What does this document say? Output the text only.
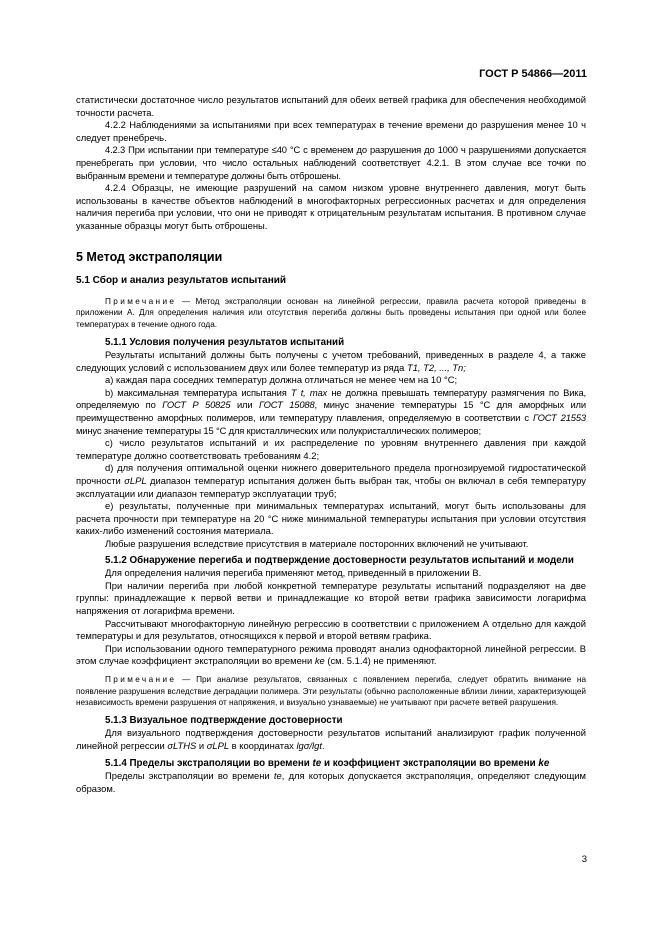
ГОСТ Р 54866—2011

статистически достаточное число результатов испытаний для обеих ветвей графика для обеспечения необходимой точности расчета.

4.2.2 Наблюдениями за испытаниями при всех температурах в течение времени до разрушения менее 10 ч следует пренебречь.

4.2.3 При испытании при температуре ≤40 °С с временем до разрушения до 1000 ч разрушениями допускается пренебрегать при условии, что число остальных наблюдений соответствует 4.2.1. В этом случае все точки по выбранным времени и температуре должны быть отброшены.

4.2.4 Образцы, не имеющие разрушений на самом низком уровне внутреннего давления, могут быть использованы в качестве объектов наблюдений в многофакторных регрессионных расчетах и для определения наличия перегиба при условии, что они не приводят к отрицательным результатам испытания. В противном случае указанные образцы могут быть отброшены.

5 Метод экстраполяции
5.1 Сбор и анализ результатов испытаний

Примечание — Метод экстраполяции основан на линейной регрессии, правила расчета которой приведены в приложении А. Для определения наличия или отсутствия перегиба должны быть проведены испытания при одной или более температурах в течение одного года.

5.1.1 Условия получения результатов испытаний

Результаты испытаний должны быть получены с учетом требований, приведенных в разделе 4, а также следующих условий с использованием двух или более температур из ряда T1, T2, ..., Tn;

а) каждая пара соседних температур должна отличаться не менее чем на 10 °С;

b) максимальная температура испытания T t, max не должна превышать температуру размягчения по Вика, определяемую по ГОСТ Р 50825 или ГОСТ 15088, минус значение температуры 15 °С для аморфных или преимущественно аморфных полимеров, или температуру плавления, определяемую в соответствии с ГОСТ 21553 минус значение температуры 15 °С для кристаллических или полукристаллических полимеров;

с) число результатов испытаний и их распределение по уровням внутреннего давления при каждой температуре должно соответствовать требованиям 4.2;

d) для получения оптимальной оценки нижнего доверительного предела прогнозируемой гидростатической прочности σLPL диапазон температур испытания должен быть выбран так, чтобы он включал в себя температуру эксплуатации или диапазон температур эксплуатации труб;

е) результаты, полученные при минимальных температурах испытаний, могут быть использованы для расчета прочности при температуре на 20 °С ниже минимальной температуры испытания при условии отсутствия каких-либо изменений состояния материала.

Любые разрушения вследствие присутствия в материале посторонних включений не учитывают.

5.1.2 Обнаружение перегиба и подтверждение достоверности результатов испытаний и модели

Для определения наличия перегиба применяют метод, приведенный в приложении В.

При наличии перегиба при любой конкретной температуре результаты испытаний подразделяют на две группы: принадлежащие к первой ветви и принадлежащие ко второй ветви графика зависимости логарифма напряжения от логарифма времени.

Рассчитывают многофакторную линейную регрессию в соответствии с приложением А отдельно для каждой температуры и для результатов, относящихся к первой и второй ветвям графика.

При использовании одного температурного режима проводят анализ однофакторной линейной регрессии. В этом случае коэффициент экстраполяции во времени ke (см. 5.1.4) не применяют.

Примечание — При анализе результатов, связанных с появлением перегиба, следует обратить внимание на появление разрушения вследствие деградации полимера. Эти результаты (обычно расположенные вблизи линии, характеризующей независимость времени разрушения от напряжения, и визуально узнаваемые) не учитывают при расчете ветвей разрушения.

5.1.3 Визуальное подтверждение достоверности

Для визуального подтверждения достоверности результатов испытаний анализируют график полученной линейной регрессии σLTHS и σLPL в координатах lgσ/lgt.

5.1.4 Пределы экстраполяции во времени te и коэффициент экстраполяции во времени ke

Пределы экстраполяции во времени te, для которых допускается экстраполяция, определяют следующим образом.

3
